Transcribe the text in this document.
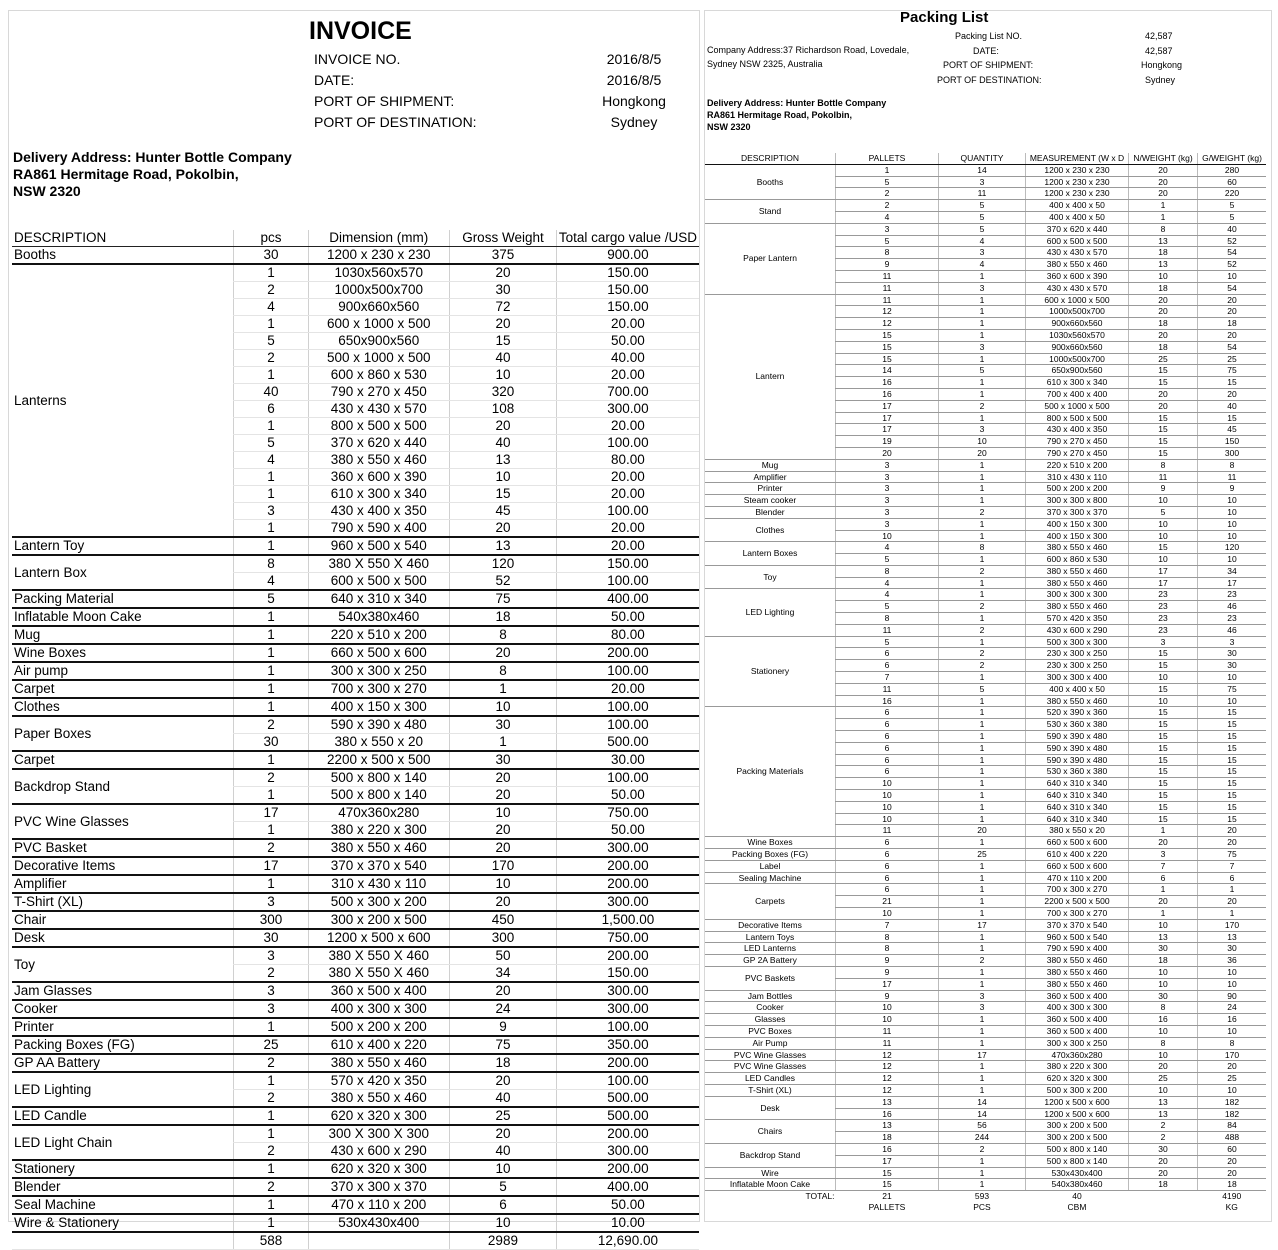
INVOICE
INVOICE NO.	2016/8/5
DATE:	2016/8/5
PORT OF SHIPMENT:	Hongkong
PORT OF DESTINATION:	Sydney
Delivery Address: Hunter Bottle Company
RA861 Hermitage Road, Pokolbin,
NSW 2320
DESCRIPTION	pcs	Dimension (mm)	Gross Weight	Total cargo value /USD
Booths	30	1200 x 230 x 230	375	900.00
Lanterns	1	1030x560x570	20	150.00
	2	1000x500x700	30	150.00
	4	900x660x560	72	150.00
	1	600 x 1000 x 500	20	20.00
	5	650x900x560	15	50.00
	2	500 x 1000 x 500	40	40.00
	1	600 x 860 x 530	10	20.00
	40	790 x 270 x 450	320	700.00
	6	430 x 430 x 570	108	300.00
	1	800 x 500 x 500	20	20.00
	5	370 x 620 x 440	40	100.00
	4	380 x 550 x 460	13	80.00
	1	360 x 600 x 390	10	20.00
	1	610 x 300 x 340	15	20.00
	3	430 x 400 x 350	45	100.00
	1	790 x 590 x 400	20	20.00
Lantern Toy	1	960 x 500 x 540	13	20.00
Lantern Box	8	380 X 550 X 460	120	150.00
	4	600 x 500 x 500	52	100.00
Packing Material	5	640 x 310 x 340	75	400.00
Inflatable Moon Cake	1	540x380x460	18	50.00
Mug	1	220 x 510 x 200	8	80.00
Wine Boxes	1	660 x 500 x 600	20	200.00
Air pump	1	300 x 300 x 250	8	100.00
Carpet	1	700 x 300 x 270	1	20.00
Clothes	1	400 x 150 x 300	10	100.00
Paper Boxes	2	590 x 390 x 480	30	100.00
	30	380 x 550 x 20	1	500.00
Carpet	1	2200 x 500 x 500	30	30.00
Backdrop Stand	2	500 x 800 x 140	20	100.00
	1	500 x 800 x 140	20	50.00
PVC Wine Glasses	17	470x360x280	10	750.00
	1	380 x 220 x 300	20	50.00
PVC Basket	2	380 x 550 x 460	20	300.00
Decorative Items	17	370 x 370 x 540	170	200.00
Amplifier	1	310 x 430 x 110	10	200.00
T-Shirt (XL)	3	500 x 300 x 200	20	300.00
Chair	300	300 x 200 x 500	450	1,500.00
Desk	30	1200 x 500 x 600	300	750.00
Toy	3	380 X 550 X 460	50	200.00
	2	380 X 550 X 460	34	150.00
Jam Glasses	3	360 x 500 x 400	20	300.00
Cooker	3	400 x 300 x 300	24	300.00
Printer	1	500 x 200 x 200	9	100.00
Packing Boxes (FG)	25	610 x 400 x 220	75	350.00
GP AA Battery	2	380 x 550 x 460	18	200.00
LED Lighting	1	570 x 420 x 350	20	100.00
	2	380 x 550 x 460	40	500.00
LED Candle	1	620 x 320 x 300	25	500.00
LED Light Chain	1	300 X 300 X 300	20	200.00
	2	430 x 600 x 290	40	300.00
Stationery	1	620 x 320 x 300	10	200.00
Blender	2	370 x 300 x 370	5	400.00
Seal Machine	1	470 x 110 x 200	6	50.00
Wire & Stationery	1	530x430x400	10	10.00
	588		2989	12,690.00
Packing List
Company Address:37 Richardson Road, Lovedale,
Sydney NSW 2325, Australia
Packing List NO.	42,587
DATE:	42,587
PORT OF SHIPMENT:	Hongkong
PORT OF DESTINATION:	Sydney
Delivery Address: Hunter Bottle Company
RA861 Hermitage Road, Pokolbin,
NSW 2320
DESCRIPTION	PALLETS	QUANTITY	MEASUREMENT (W x D	N/WEIGHT (kg)	G/WEIGHT (kg)
Booths	1	14	1200 x 230 x 230	20	280
	5	3	1200 x 230 x 230	20	60
	2	11	1200 x 230 x 230	20	220
Stand	2	5	400 x 400 x 50	1	5
	4	5	400 x 400 x 50	1	5
Paper Lantern	3	5	370 x 620 x 440	8	40
	5	4	600 x 500 x 500	13	52
	8	3	430 x 430 x 570	18	54
	9	4	380 x 550 x 460	13	52
	11	1	360 x 600 x 390	10	10
	11	3	430 x 430 x 570	18	54
Lantern	11	1	600 x 1000 x 500	20	20
	12	1	1000x500x700	20	20
	12	1	900x660x560	18	18
	15	1	1030x560x570	20	20
	15	3	900x660x560	18	54
	15	1	1000x500x700	25	25
	14	5	650x900x560	15	75
	16	1	610 x 300 x 340	15	15
	16	1	700 x 400 x 400	20	20
	17	2	500 x 1000 x 500	20	40
	17	1	800 x 500 x 500	15	15
	17	3	430 x 400 x 350	15	45
	19	10	790 x 270 x 450	15	150
	20	20	790 x 270 x 450	15	300
Mug	3	1	220 x 510 x 200	8	8
Amplifier	3	1	310 x 430 x 110	11	11
Printer	3	1	500 x 200 x 200	9	9
Steam cooker	3	1	300 x 300 x 800	10	10
Blender	3	2	370 x 300 x 370	5	10
Clothes	3	1	400 x 150 x 300	10	10
	10	1	400 x 150 x 300	10	10
Lantern Boxes	4	8	380 x 550 x 460	15	120
	5	1	600 x 860 x 530	10	10
Toy	8	2	380 x 550 x 460	17	34
	4	1	380 x 550 x 460	17	17
LED Lighting	4	1	300 x 300 x 300	23	23
	5	2	380 x 550 x 460	23	46
	8	1	570 x 420 x 350	23	23
	11	2	430 x 600 x 290	23	46
Stationery	5	1	500 x 300 x 300	3	3
	6	2	230 x 300 x 250	15	30
	6	2	230 x 300 x 250	15	30
	7	1	300 x 300 x 400	10	10
	11	5	400 x 400 x 50	15	75
	16	1	380 x 550 x 460	10	10
Packing Materials	6	1	520 x 390 x 360	15	15
	6	1	530 x 360 x 380	15	15
	6	1	590 x 390 x 480	15	15
	6	1	590 x 390 x 480	15	15
	6	1	590 x 390 x 480	15	15
	6	1	530 x 360 x 380	15	15
	10	1	640 x 310 x 340	15	15
	10	1	640 x 310 x 340	15	15
	10	1	640 x 310 x 340	15	15
	10	1	640 x 310 x 340	15	15
	11	20	380 x 550 x 20	1	20
Wine Boxes	6	1	660 x 500 x 600	20	20
Packing Boxes (FG)	6	25	610 x 400 x 220	3	75
Label	6	1	660 x 500 x 600	7	7
Sealing Machine	6	1	470 x 110 x 200	6	6
Carpets	6	1	700 x 300 x 270	1	1
	21	1	2200 x 500 x 500	20	20
	10	1	700 x 300 x 270	1	1
Decorative Items	7	17	370 x 370 x 540	10	170
Lantern Toys	8	1	960 x 500 x 540	13	13
LED Lanterns	8	1	790 x 590 x 400	30	30
GP 2A Battery	9	2	380 x 550 x 460	18	36
PVC Baskets	9	1	380 x 550 x 460	10	10
	17	1	380 x 550 x 460	10	10
Jam Bottles	9	3	360 x 500 x 400	30	90
Cooker	10	3	400 x 300 x 300	8	24
Glasses	10	1	360 x 500 x 400	16	16
PVC Boxes	11	1	360 x 500 x 400	10	10
Air Pump	11	1	300 x 300 x 250	8	8
PVC Wine Glasses	12	17	470x360x280	10	170
PVC Wine Glasses	12	1	380 x 220 x 300	20	20
LED Candles	12	1	620 x 320 x 300	25	25
T-Shirt (XL)	12	1	500 x 300 x 200	10	10
Desk	13	14	1200 x 500 x 600	13	182
	16	14	1200 x 500 x 600	13	182
Chairs	13	56	300 x 200 x 500	2	84
	18	244	300 x 200 x 500	2	488
Backdrop Stand	16	2	500 x 800 x 140	30	60
	17	1	500 x 800 x 140	20	20
Wire	15	1	530x430x400	20	20
Inflatable Moon Cake	15	1	540x380x460	18	18
TOTAL:	21	593	40		4190
	PALLETS	PCS	CBM		KG
